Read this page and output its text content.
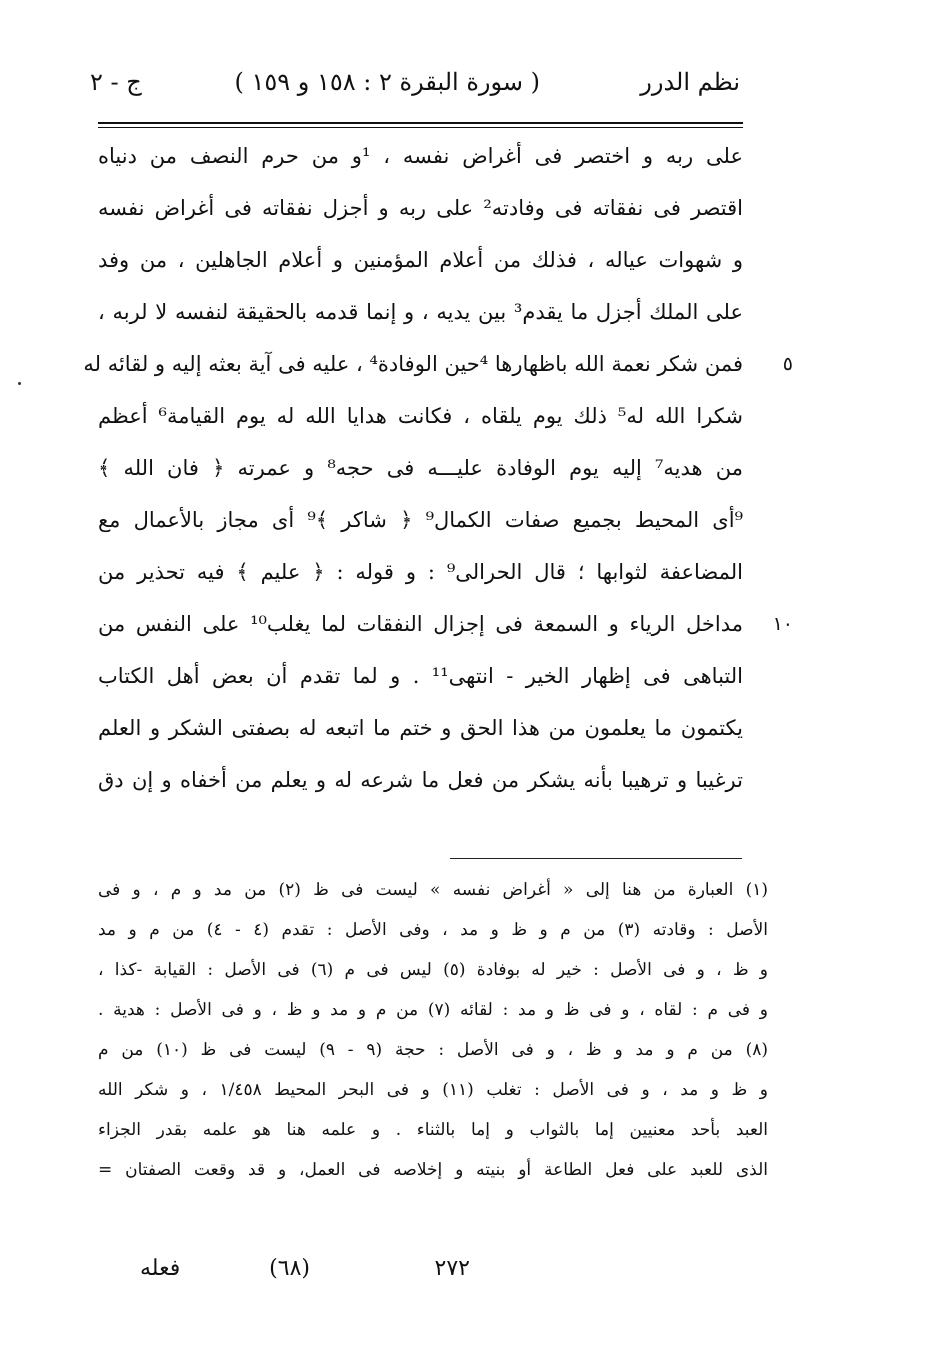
نظم الدرر
( سورة البقرة ٢ : ١٥٨ و ١٥٩ )
ج - ٢
على ربه و اختصر فى أغراض نفسه ، ¹و من حرم النصف من دنياه
اقتصر فى نفقاته فى وفادته² على ربه و أجزل نفقاته فى أغراض نفسه
و شهوات عياله ، فذلك من أعلام المؤمنين و أعلام الجاهلين ، من وفد
على الملك أجزل ما يقدم³ بين يديه ، و إنما قدمه بالحقيقة لنفسه لا لربه ،
٥
فمن شكر نعمة الله باظهارها ⁴حين الوفادة⁴ ، عليه فى آية بعثه إليه و لقائه له
شكرا الله له⁵ ذلك يوم يلقاه ، فكانت هدايا الله له يوم القيامة⁶ أعظم
من هديه⁷ إليه يوم الوفادة عليـــه فى حجه⁸ و عمرته ﴿ فان الله ﴾
⁹أى المحيط بجميع صفات الكمال⁹ ﴿ شاكر ﴾⁹ أى مجاز بالأعمال مع
المضاعفة لثوابها ؛ قال الحرالى⁹ : و قوله : ﴿ عليم ﴾ فيه تحذير من
١٠
مداخل الرياء و السمعة فى إجزال النفقات لما يغلب¹⁰ على النفس من
التباهى فى إظهار الخير - انتهى¹¹ . و لما تقدم أن بعض أهل الكتاب
يكتمون ما يعلمون من هذا الحق و ختم ما اتبعه له بصفتى الشكر و العلم
ترغيبا و ترهيبا بأنه يشكر من فعل ما شرعه له و يعلم من أخفاه و إن دق
(١) العبارة من هنا إلى « أغراض نفسه » ليست فى ظ (٢) من مد و م ، و فى
الأصل : وقادته (٣) من م و ظ و مد ، وفى الأصل : تقدم (٤ - ٤) من م و مد
و ظ ، و فى الأصل : خير له بوفادة (٥) ليس فى م (٦) فى الأصل : القيابة -كذا ،
و فى م : لقاه ، و فى ظ و مد : لقائه (٧) من م و مد و ظ ، و فى الأصل : هدية .
(٨) من م و مد و ظ ، و فى الأصل : حجة (٩ - ٩) ليست فى ظ (١٠) من م
و ظ و مد ، و فى الأصل : تغلب (١١) و فى البحر المحيط ١/٤٥٨ ، و شكر الله
العبد بأحد معنيين إما بالثواب و إما بالثناء . و علمه هنا هو علمه بقدر الجزاء
الذى للعبد على فعل الطاعة أو بنيته و إخلاصه فى العمل، و قد وقعت الصفتان =
٢٧٢
(٦٨)
فعله
